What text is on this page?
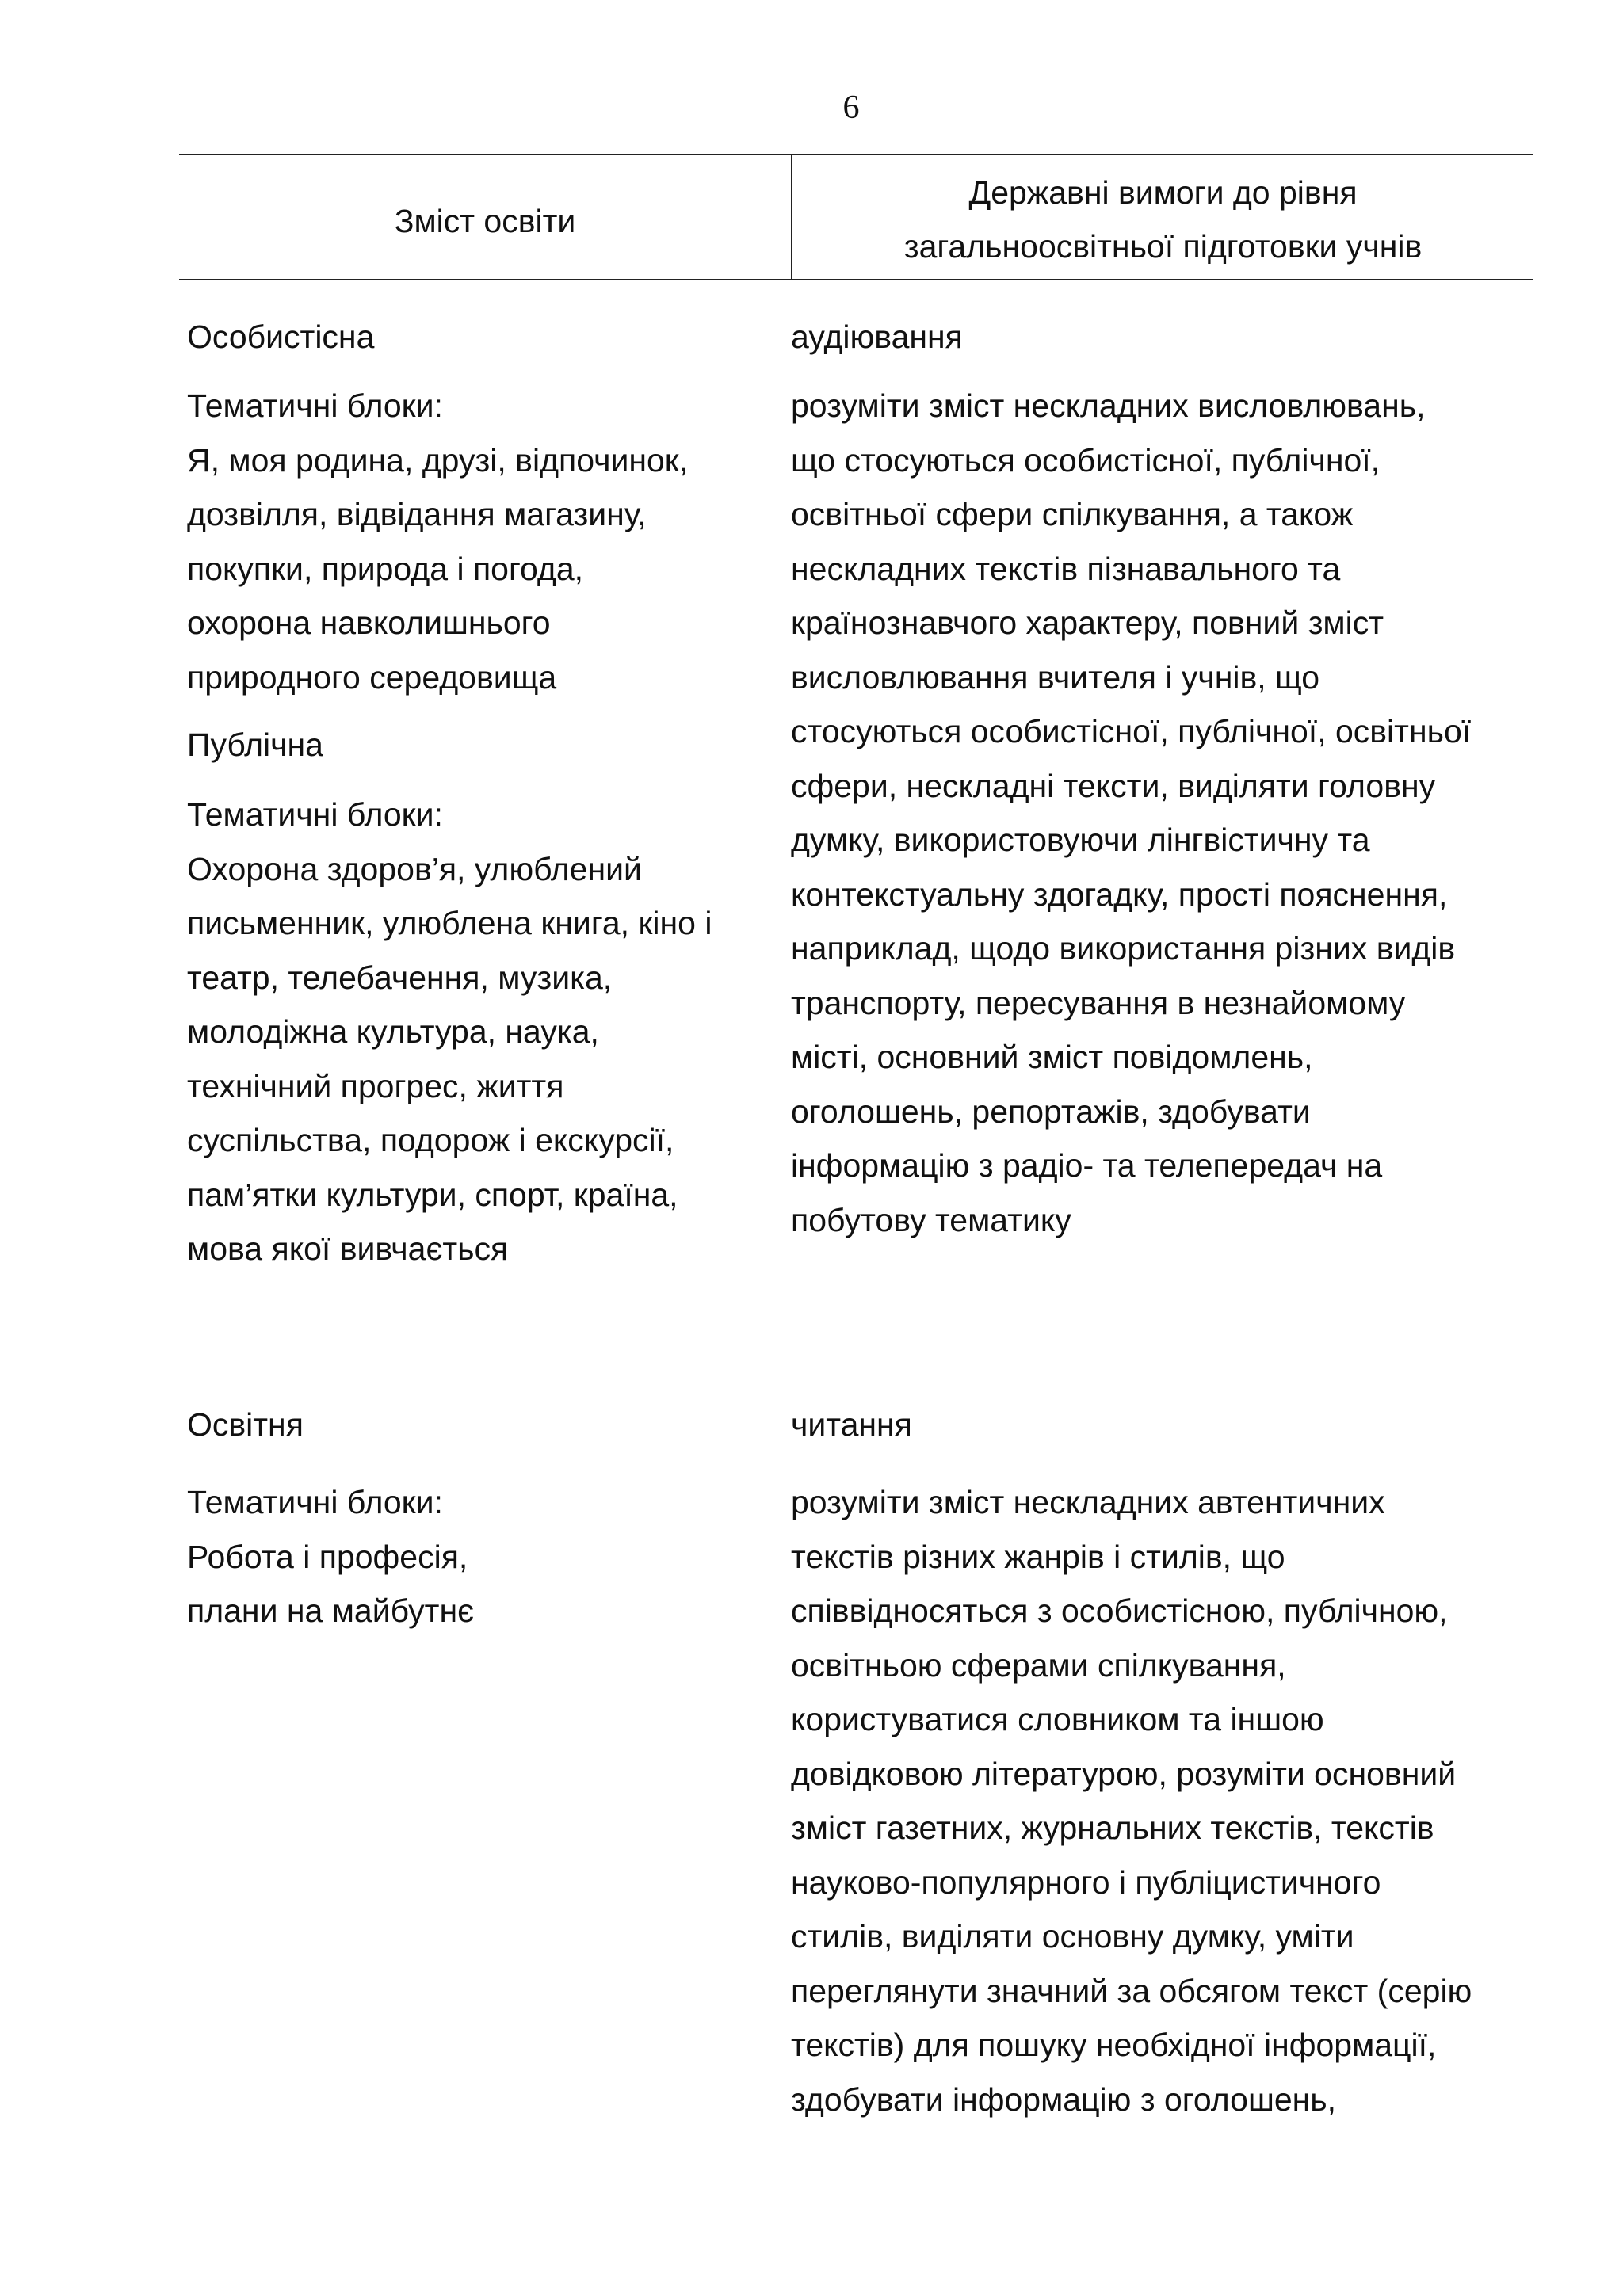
6
Зміст освіти
Державні вимоги до рівня
загальноосвітньої підготовки учнів
Особистісна
Тематичні блоки:
Я, моя родина, друзі, відпочинок,
дозвілля, відвідання магазину,
покупки, природа і погода,
охорона навколишнього
природного середовища
Публічна
Тематичні блоки:
Охорона здоров’я, улюблений
письменник, улюблена книга, кіно і
театр, телебачення, музика,
молодіжна культура, наука,
технічний прогрес, життя
суспільства, подорож і екскурсії,
пам’ятки культури, спорт, країна,
мова якої вивчається
аудіювання
розуміти зміст нескладних висловлювань,
що стосуються особистісної, публічної,
освітньої сфери спілкування, а також
нескладних текстів пізнавального та
країнознавчого характеру, повний зміст
висловлювання вчителя і учнів, що
стосуються особистісної, публічної, освітньої
сфери, нескладні тексти, виділяти головну
думку, використовуючи лінгвістичну та
контекстуальну здогадку, прості пояснення,
наприклад, щодо використання різних видів
транспорту, пересування в незнайомому
місті, основний зміст повідомлень,
оголошень, репортажів, здобувати
інформацію з радіо- та телепередач на
побутову тематику
Освітня
Тематичні блоки:
Робота і професія,
плани на майбутнє
читання
розуміти зміст нескладних автентичних
текстів різних жанрів і стилів, що
співвідносяться з особистісною, публічною,
освітньою сферами спілкування,
користуватися словником та іншою
довідковою літературою, розуміти основний
зміст газетних, журнальних текстів, текстів
науково-популярного і публіцистичного
стилів, виділяти основну думку, уміти
переглянути значний за обсягом текст (серію
текстів) для пошуку необхідної інформації,
здобувати інформацію з оголошень,
